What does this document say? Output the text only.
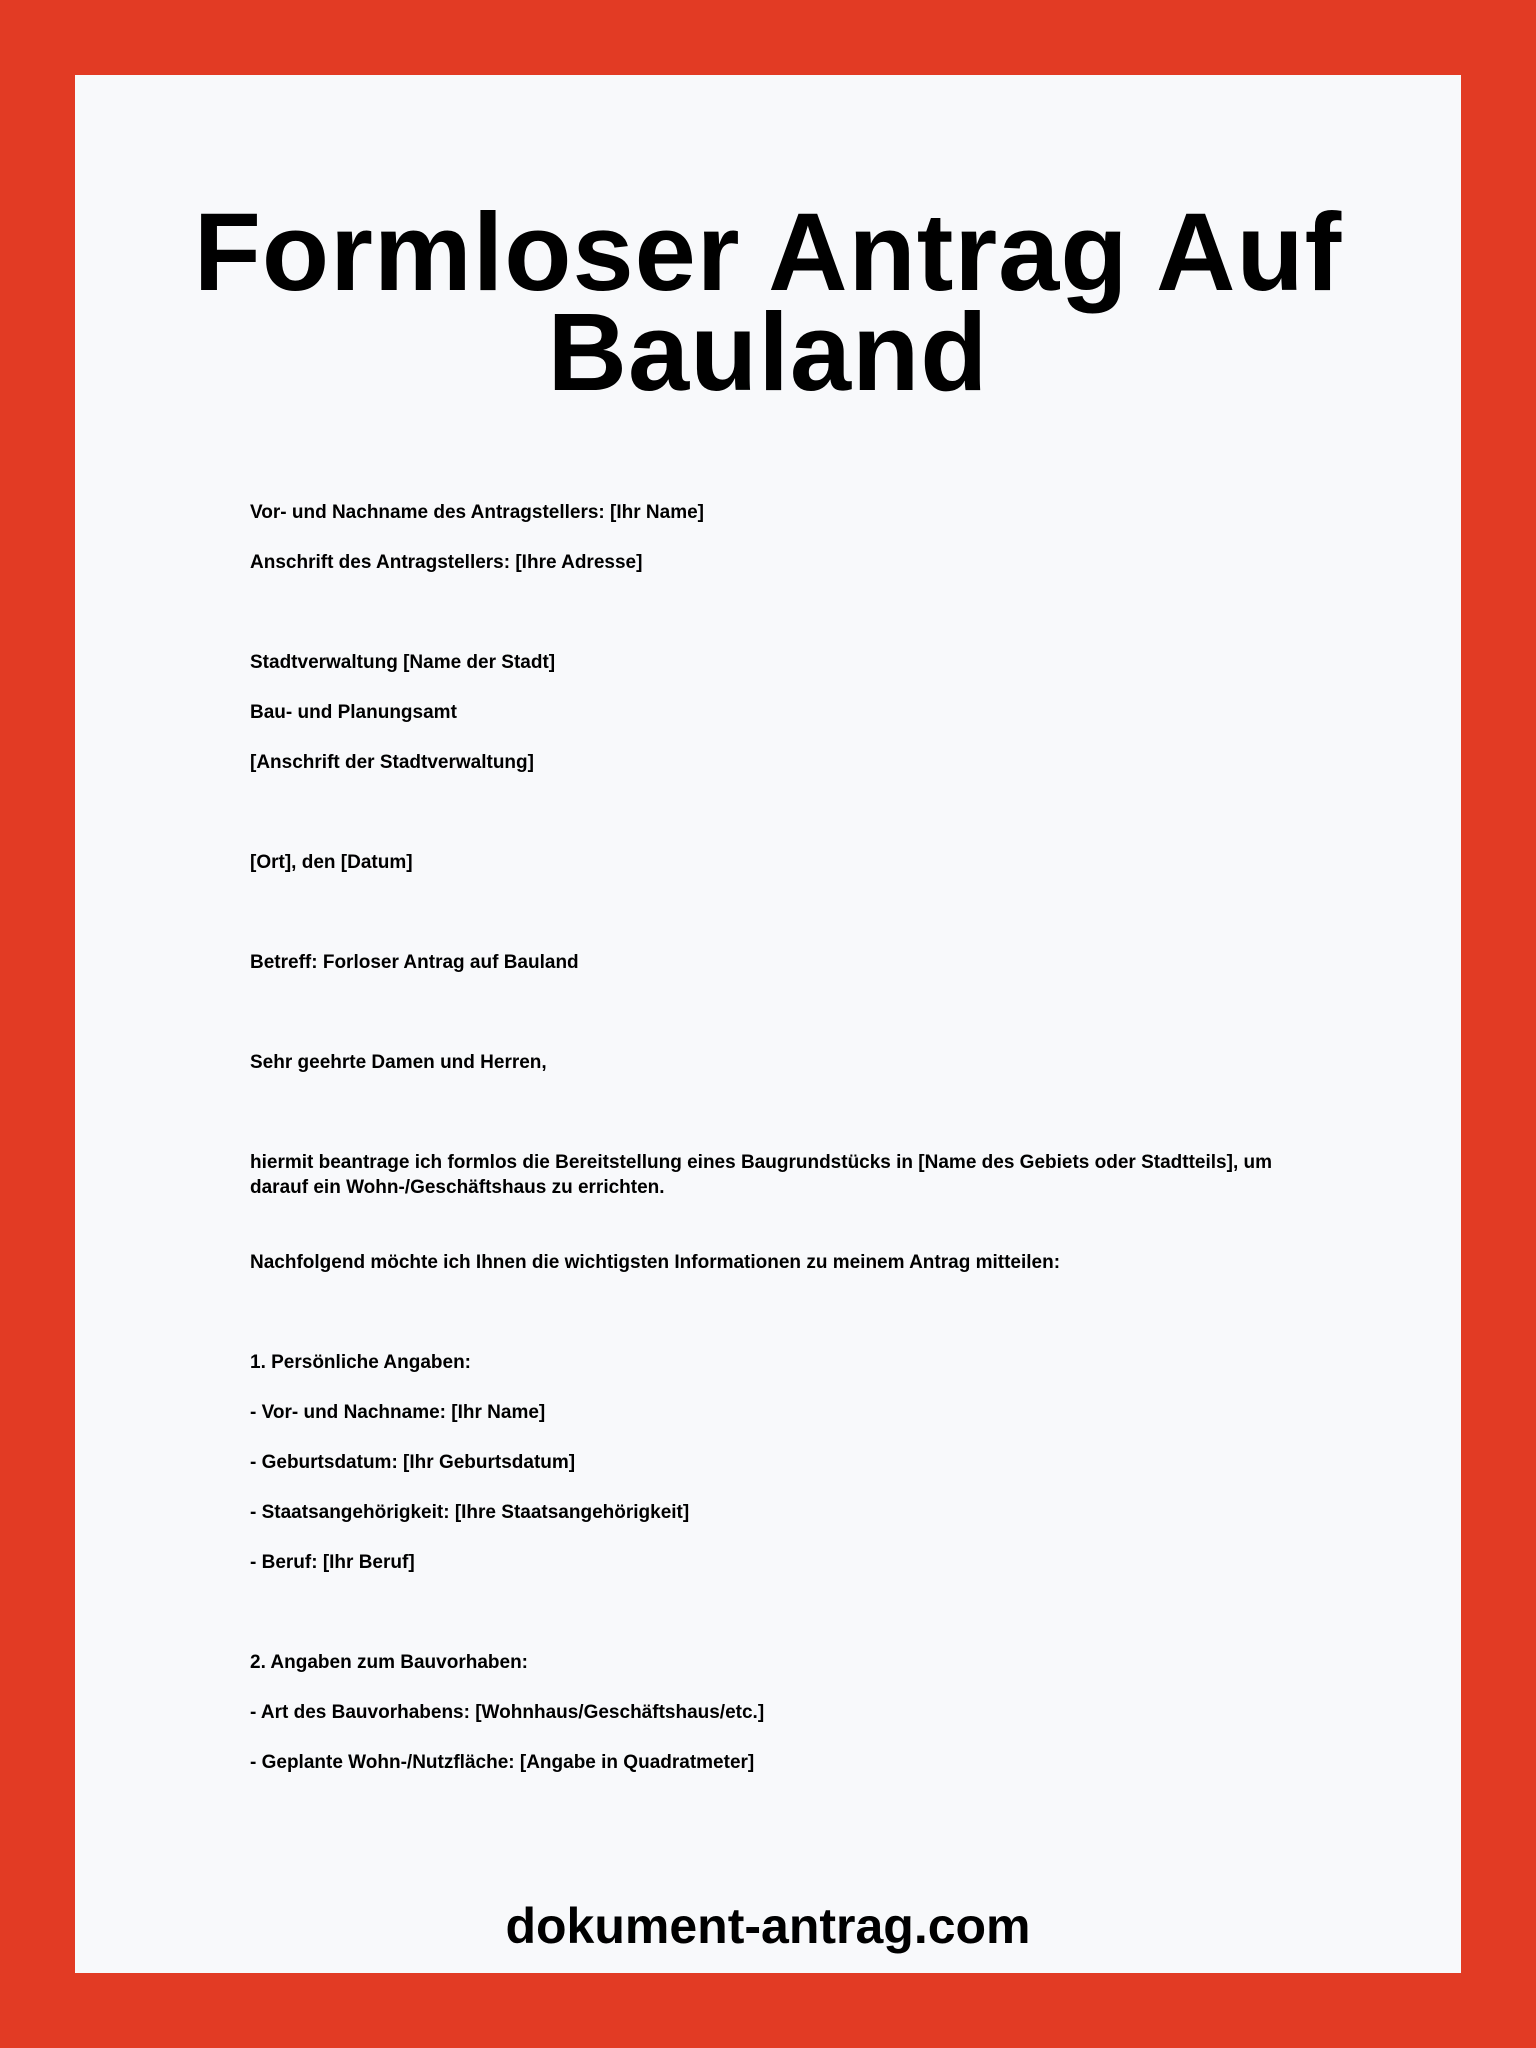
Formloser Antrag Auf
Bauland

Vor- und Nachname des Antragstellers: [Ihr Name]

Anschrift des Antragstellers: [Ihre Adresse]

Stadtverwaltung [Name der Stadt]

Bau- und Planungsamt

[Anschrift der Stadtverwaltung]

[Ort], den [Datum]

Betreff: Forloser Antrag auf Bauland

Sehr geehrte Damen und Herren,

hiermit beantrage ich formlos die Bereitstellung eines Baugrundstücks in [Name des Gebiets oder Stadtteils], um darauf ein Wohn-/Geschäftshaus zu errichten.

Nachfolgend möchte ich Ihnen die wichtigsten Informationen zu meinem Antrag mitteilen:

1. Persönliche Angaben:

- Vor- und Nachname: [Ihr Name]

- Geburtsdatum: [Ihr Geburtsdatum]

- Staatsangehörigkeit: [Ihre Staatsangehörigkeit]

- Beruf: [Ihr Beruf]

2. Angaben zum Bauvorhaben:

- Art des Bauvorhabens: [Wohnhaus/Geschäftshaus/etc.]

- Geplante Wohn-/Nutzfläche: [Angabe in Quadratmeter]

dokument-antrag.com
